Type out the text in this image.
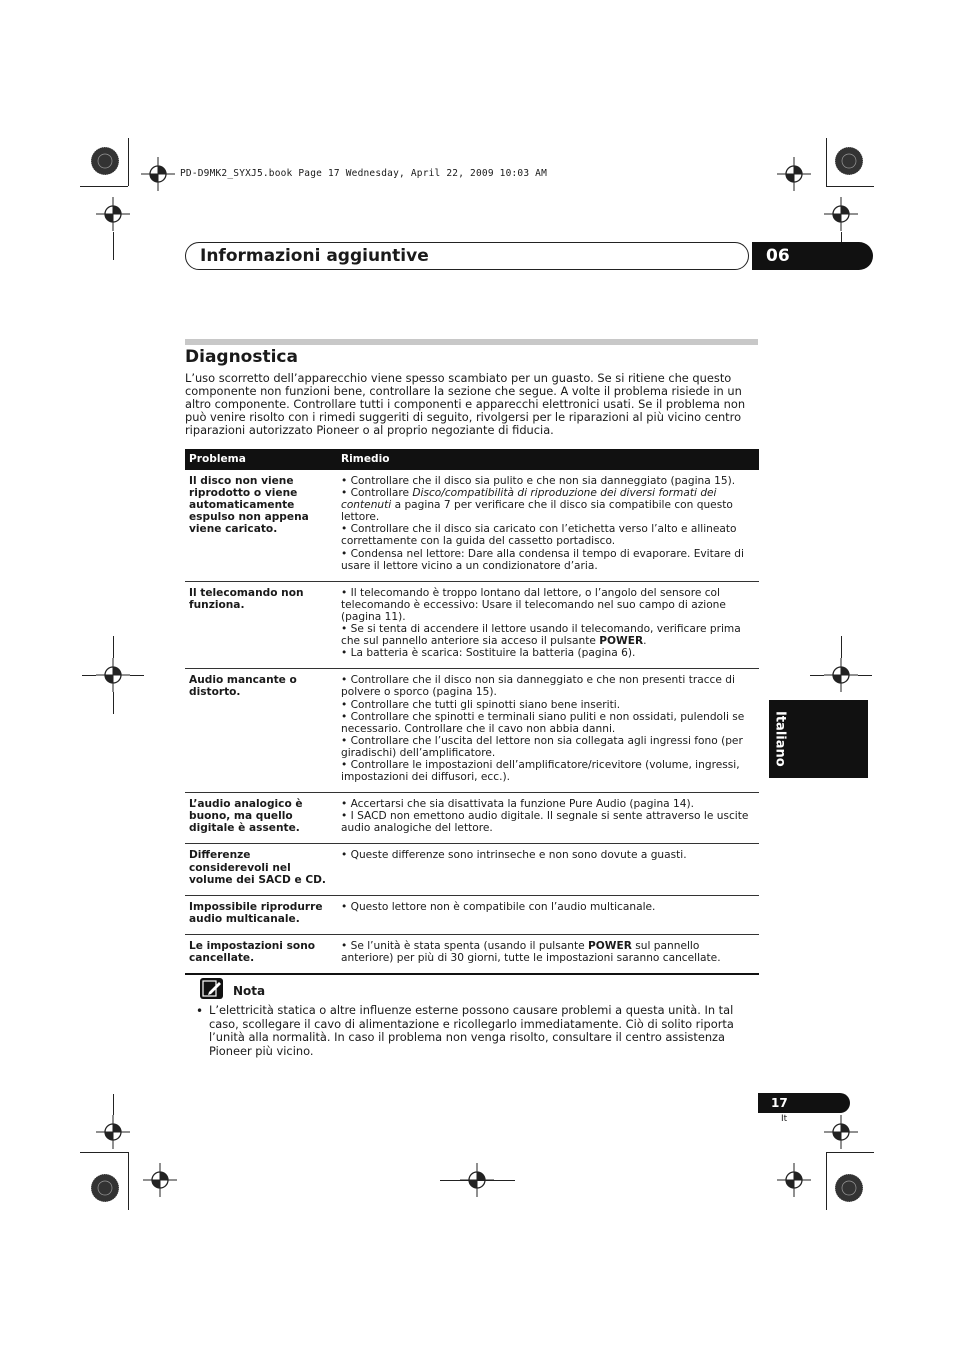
PD-D9MK2_SYXJ5.book Page 17 Wednesday, April 22, 2009 10:03 AM
Informazioni aggiuntive	06
Diagnostica
L’uso scorretto dell’apparecchio viene spesso scambiato per un guasto. Se si ritiene che questo componente non funzioni bene, controllare la sezione che segue. A volte il problema risiede in un altro componente. Controllare tutti i componenti e apparecchi elettronici usati. Se il problema non può venire risolto con i rimedi suggeriti di seguito, rivolgersi per le riparazioni al più vicino centro riparazioni autorizzato Pioneer o al proprio negoziante di fiducia.
Problema	Rimedio
Il disco non viene riprodotto o viene automaticamente espulso non appena viene caricato.	• Controllare che il disco sia pulito e che non sia danneggiato (pagina 15).

• Controllare Disco/compatibilità di riproduzione dei diversi formati dei contenuti a pagina 7 per verificare che il disco sia compatibile con questo lettore.

• Controllare che il disco sia caricato con l’etichetta verso l’alto e allineato correttamente con la guida del cassetto portadisco.

• Condensa nel lettore: Dare alla condensa il tempo di evaporare. Evitare di usare il lettore vicino a un condizionatore d’aria.

Il telecomando non funziona.	• Il telecomando è troppo lontano dal lettore, o l’angolo del sensore col telecomando è eccessivo: Usare il telecomando nel suo campo di azione (pagina 11).

• Se si tenta di accendere il lettore usando il telecomando, verificare prima che sul pannello anteriore sia acceso il pulsante POWER.

• La batteria è scarica: Sostituire la batteria (pagina 6).

Audio mancante o distorto.	• Controllare che il disco non sia danneggiato e che non presenti tracce di polvere o sporco (pagina 15).

• Controllare che tutti gli spinotti siano bene inseriti.

• Controllare che spinotti e terminali siano puliti e non ossidati, pulendoli se necessario. Controllare che il cavo non abbia danni.

• Controllare che l’uscita del lettore non sia collegata agli ingressi fono (per giradischi) dell’amplificatore.

• Controllare le impostazioni dell’amplificatore/ricevitore (volume, ingressi, impostazioni dei diffusori, ecc.).

L’audio analogico è buono, ma quello digitale è assente.	• Accertarsi che sia disattivata la funzione Pure Audio (pagina 14).

• I SACD non emettono audio digitale. Il segnale si sente attraverso le uscite audio analogiche del lettore.

Differenze considerevoli nel volume dei SACD e CD.	• Queste differenze sono intrinseche e non sono dovute a guasti.

Impossibile riprodurre audio multicanale.	• Questo lettore non è compatibile con l’audio multicanale.

Le impostazioni sono cancellate.	• Se l’unità è stata spenta (usando il pulsante POWER sul pannello anteriore) per più di 30 giorni, tutte le impostazioni saranno cancellate.

Italiano
Nota
• L’elettricità statica o altre influenze esterne possono causare problemi a questa unità. In tal caso, scollegare il cavo di alimentazione e ricollegarlo immediatamente. Ciò di solito riporta l’unità alla normalità. In caso il problema non venga risolto, consultare il centro assistenza Pioneer più vicino.
17
It
